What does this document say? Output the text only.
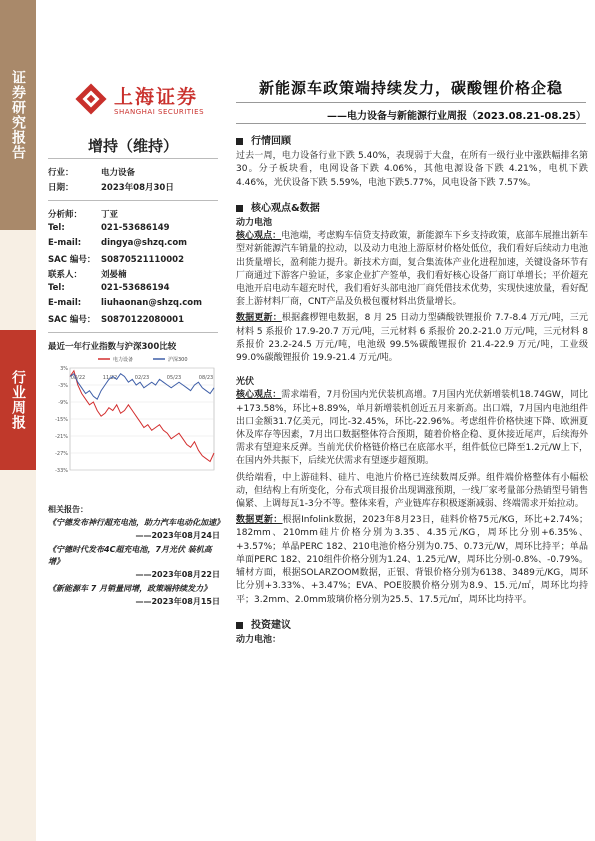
证券研究报告
行业周报
上海证券
SHANGHAI SECURITIES
新能源车政策端持续发力，碳酸锂价格企稳
——电力设备与新能源行业周报（2023.08.21-08.25）
增持（维持）
行业：	电力设备
日期：	2023年08月30日
分析师： 丁亚
Tel:	021-53686149
E-mail: dingya@shzq.com
SAC 编号： S0870521110002
联系人： 刘晏楠
Tel:	021-53686194
E-mail: liuhaonan@shzq.com
SAC 编号： S0870122080001
最近一年行业指数与沪深300比较
3%
-3%
-9%
-15%
-21%
-27%
-33%
08/22	11/22	02/23	05/23	08/23
电力设备	沪深300
相关报告：
《宁德发布神行超充电池，助力汽车电动化加速》
——2023年08月24日
《宁德时代发布4C超充电池，7月光伏 装机高增》
——2023年08月22日
《新能源车 7 月销量同增，政策端持续发力》
——2023年08月15日
行情回顾

过去一周，电力设备行业下跌 5.40%，表现弱于大盘，在所有一级行业中涨跌幅排名第 30。分子板块看，电网设备下跌 4.06%，其他电源设备下跌 4.21%，电机下跌 4.46%，光伏设备下跌 5.59%，电池下跌5.77%，风电设备下跌 7.57%。

核心观点&数据
动力电池

核心观点：电池端，考虑购车信贷支持政策，新能源车下乡支持政策，底部车展推出新车型对新能源汽车销量的拉动，以及动力电池上游原材价格处低位，我们看好后续动力电池出货量增长，盈利能力提升。新技术方面，复合集流体产业化进程加速，关键设备环节有厂商通过下游客户验证，多家企业扩产签单，我们看好核心设备厂商订单增长；平价超充电池开启电动车超充时代，我们看好头部电池厂商凭借技术优势，实现快速放量，看好配套上游材料厂商，CNT产品及负极包覆材料出货量增长。

数据更新：根据鑫椤锂电数据，8 月 25 日动力型磷酸铁锂报价 7.7-8.4 万元/吨，三元材料 5 系报价 17.9-20.7 万元/吨，三元材料 6 系报价 20.2-21.0 万元/吨，三元材料 8 系报价 23.2-24.5 万元/吨，电池级 99.5%碳酸锂报价 21.4-22.9 万元/吨，工业级 99.0%碳酸锂报价 19.9-21.4 万元/吨。

光伏

核心观点：需求端看，7月份国内光伏装机高增。7月国内光伏新增装机18.74GW，同比+173.58%，环比+8.89%，单月新增装机创近五月来新高。出口端，7月国内电池组件出口金额31.7亿美元，同比-32.45%，环比-22.96%。考虑组件价格快速下降、欧洲夏休及库存等因素，7月出口数据整体符合预期，随着价格企稳、夏休接近尾声，后续海外需求有望迎来反弹。当前光伏价格链价格已在底部水平，组件低位已降至1.2元/W上下，在国内外共振下，后续光伏需求有望逐步超预期。

供给端看，中上游硅料、硅片、电池片价格已连续数周反弹。组件端价格整体有小幅松动，但结构上有所变化，分布式项目报价出现调涨预期，一线厂家考量部分热销型号销售偏紧、上调每瓦1-3分不等。整体来看，产业链库存积极逐渐减弱、终端需求开始拉动。

数据更新：根据Infolink数据，2023年8月23日，硅料价格75元/KG，环比+2.74%；182mm、210mm硅片价格分别为3.35、4.35元/KG，周环比分别+6.35%、+3.57%；单晶PERC 182、210电池价格分别为0.75、0.73元/W，周环比持平；单晶单面PERC 182、210组件价格分别为1.24、1.25元/W，周环比分别-0.8%、-0.79%。辅材方面，根据SOLARZOOM数据，正银、背银价格分别为6138、3489元/KG，周环比分别+3.33%、+3.47%；EVA、POE胶膜价格分别为8.9、15.元/㎡，周环比均持平；3.2mm、2.0mm玻璃价格分别为25.5、17.5元/㎡，周环比均持平。

投资建议
动力电池：
